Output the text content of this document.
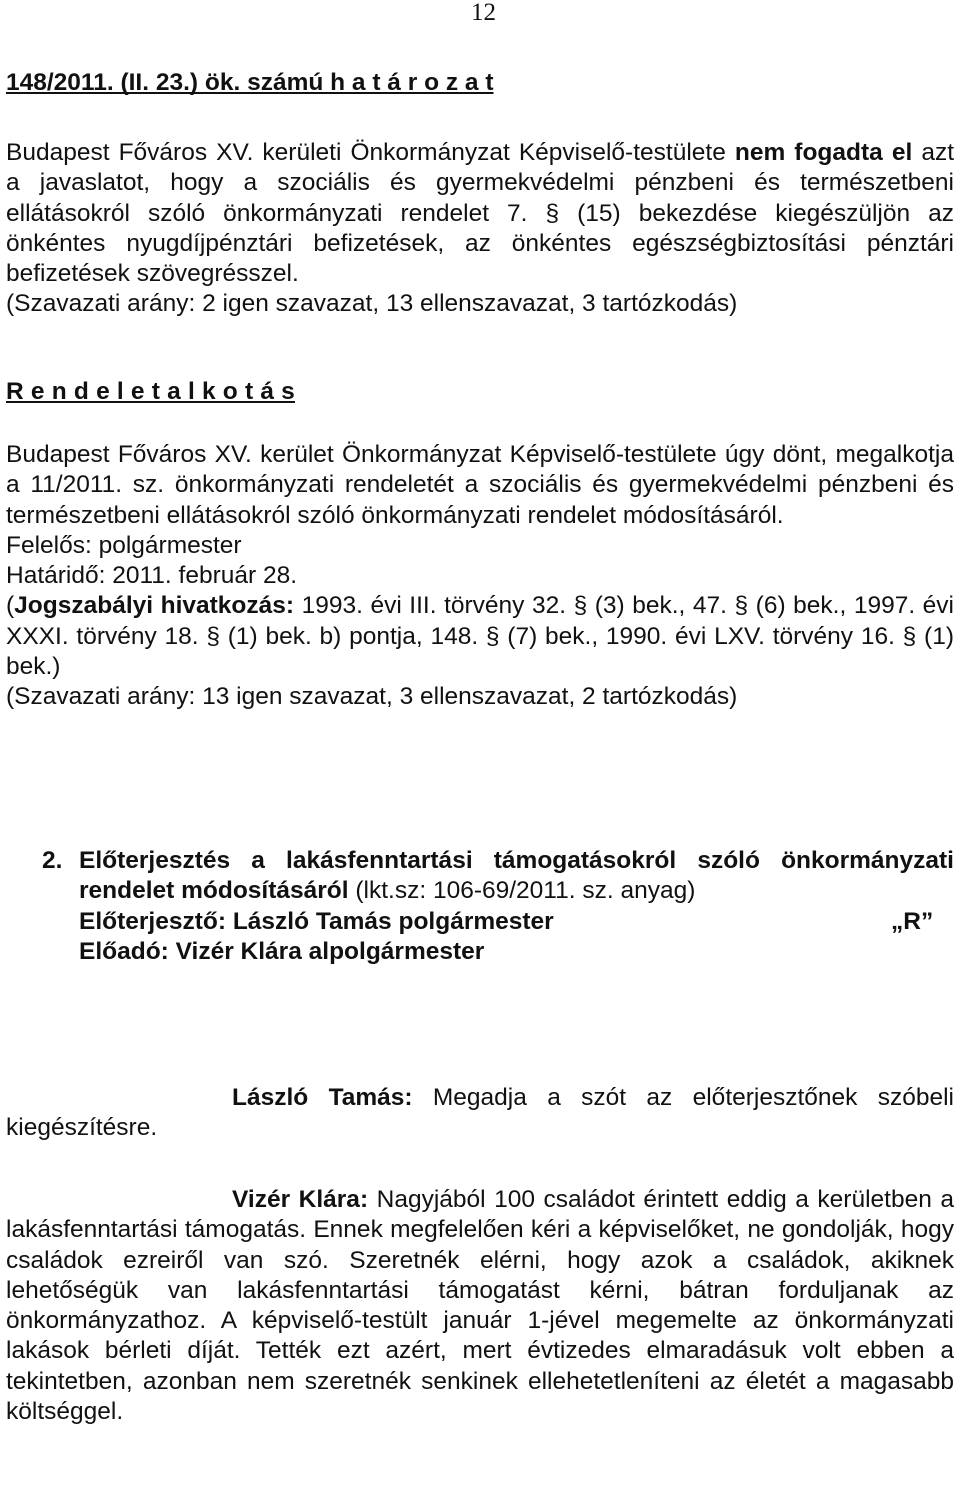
12

148/2011. (II. 23.) ök. számú h a t á r o z a t

Budapest Főváros XV. kerületi Önkormányzat Képviselő-testülete nem fogadta el azt a javaslatot, hogy a szociális és gyermekvédelmi pénzbeni és természetbeni ellátásokról szóló önkormányzati rendelet 7. § (15) bekezdése kiegészüljön az önkéntes nyugdíjpénztári befizetések, az önkéntes egészségbiztosítási pénztári befizetések szövegrésszel.

(Szavazati arány: 2 igen szavazat, 13 ellenszavazat, 3 tartózkodás)

R e n d e l e t a l k o t á s

Budapest Főváros XV. kerület Önkormányzat Képviselő-testülete úgy dönt, megalkotja a 11/2011. sz. önkormányzati rendeletét a szociális és gyermekvédelmi pénzbeni és természetbeni ellátásokról szóló önkormányzati rendelet módosításáról.

Felelős: polgármester

Határidő: 2011. február 28.

(Jogszabályi hivatkozás: 1993. évi III. törvény 32. § (3) bek., 47. § (6) bek., 1997. évi XXXI. törvény 18. § (1) bek. b) pontja, 148. § (7) bek., 1990. évi LXV. törvény 16. § (1) bek.)

(Szavazati arány: 13 igen szavazat, 3 ellenszavazat, 2 tartózkodás)

2. Előterjesztés a lakásfenntartási támogatásokról szóló önkormányzati rendelet módosításáról (lkt.sz: 106-69/2011. sz. anyag)

Előterjesztő: László Tamás polgármester	„R”

Előadó: Vizér Klára alpolgármester

László Tamás: Megadja a szót az előterjesztőnek szóbeli kiegészítésre.

Vizér Klára: Nagyjából 100 családot érintett eddig a kerületben a lakásfenntartási támogatás. Ennek megfelelően kéri a képviselőket, ne gondolják, hogy családok ezreiről van szó. Szeretnék elérni, hogy azok a családok, akiknek lehetőségük van lakásfenntartási támogatást kérni, bátran forduljanak az önkormányzathoz. A képviselő-testült január 1-jével megemelte az önkormányzati lakások bérleti díját. Tették ezt azért, mert évtizedes elmaradásuk volt ebben a tekintetben, azonban nem szeretnék senkinek ellehetetleníteni az életét a magasabb költséggel.
